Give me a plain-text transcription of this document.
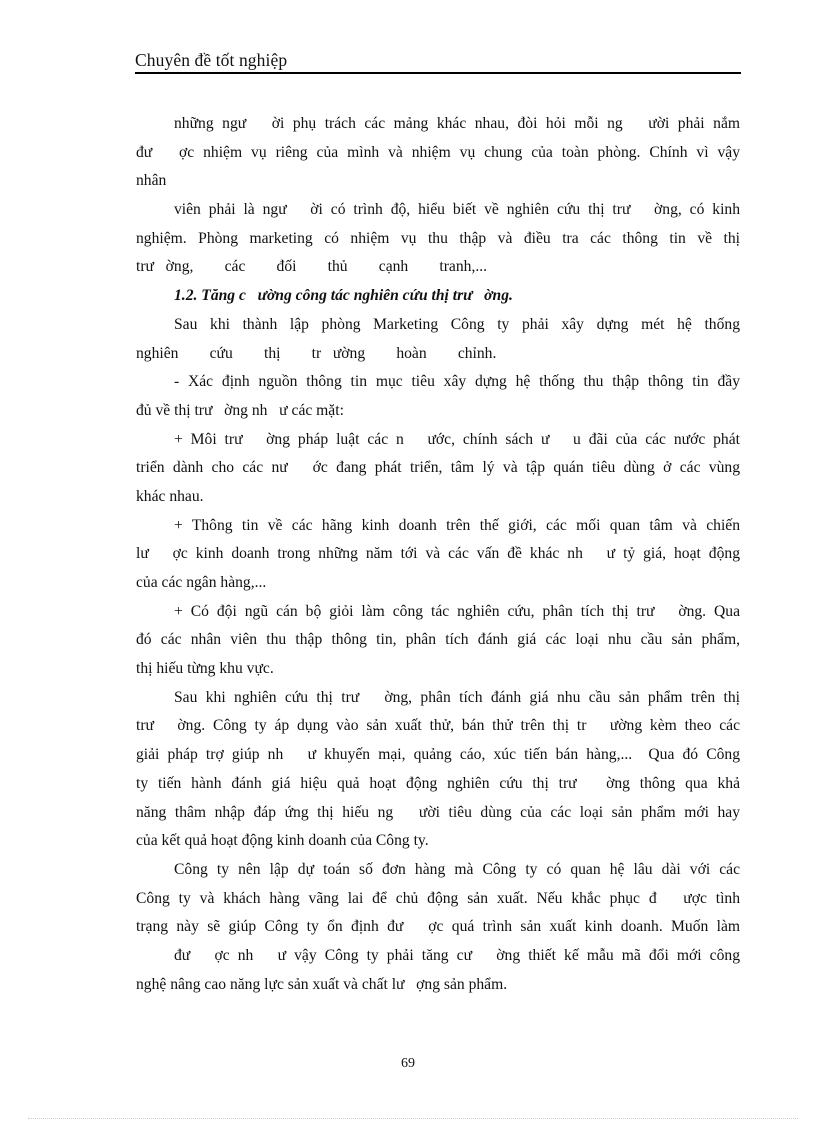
Chuyên đề tốt nghiệp
những ngư   ời phụ trách các mảng khác nhau, đòi hỏi mỗi ng   ười phải nắm
đư   ợc nhiệm vụ riêng của mình và nhiệm vụ chung của toàn phòng. Chính vì vậy
nhân
viên phải là ngư   ời có trình độ, hiểu biết về nghiên cứu thị trư   ờng, có kinh
nghiệm. Phòng marketing có nhiệm vụ thu thập và điều tra các thông tin về thị
trư   ờng,        các        đối        thủ        cạnh        tranh,...
1.2. Tăng c   ường công tác nghiên cứu thị trư   ờng.
Sau khi thành lập phòng Marketing Công ty phải xây dựng mét hệ thống
nghiên        cứu        thị        tr   ường        hoàn        chỉnh.
- Xác định nguồn thông tin mục tiêu xây dựng hệ thống thu thập thông tin đầy
đủ về thị trư   ờng nh   ư các mặt:
+ Môi trư   ờng pháp luật các n   ước, chính sách ư   u đãi của các nước phát
triển dành cho các nư   ớc đang phát triển, tâm lý và tập quán tiêu dùng ở các vùng
khác nhau.
+ Thông tin về các hãng kinh doanh trên thế giới, các mối quan tâm và chiến
lư   ợc kinh doanh trong những năm tới và các vấn đề khác nh   ư tỷ giá, hoạt động
của các ngân hàng,...
+ Có đội ngũ cán bộ giỏi làm công tác nghiên cứu, phân tích thị trư   ờng. Qua
đó các nhân viên thu thập thông tin, phân tích đánh giá các loại nhu cầu sản phẩm,
thị hiếu từng khu vực.
Sau khi nghiên cứu thị trư   ờng, phân tích đánh giá nhu cầu sản phẩm trên thị
trư   ờng. Công ty áp dụng vào sản xuất thử, bán thử trên thị tr   ường kèm theo các
giải pháp trợ giúp nh   ư khuyến mại, quảng cáo, xúc tiến bán hàng,...  Qua đó Công
ty tiến hành đánh giá hiệu quả hoạt động nghiên cứu thị trư   ờng thông qua khả
năng thâm nhập đáp ứng thị hiếu ng   ười tiêu dùng của các loại sản phẩm mới hay
của kết quả hoạt động kinh doanh của Công ty.
Công ty nên lập dự toán số đơn hàng mà Công ty có quan hệ lâu dài với các
Công ty và khách hàng vãng lai để chủ động sản xuất. Nếu khắc phục đ   ược tình
trạng này sẽ giúp Công ty ổn định đư   ợc quá trình sản xuất kinh doanh. Muốn làm
đư   ợc nh   ư vậy Công ty phải tăng cư   ờng thiết kế mẫu mã đổi mới công
nghệ nâng cao năng lực sản xuất và chất lư   ợng sản phẩm.
69
